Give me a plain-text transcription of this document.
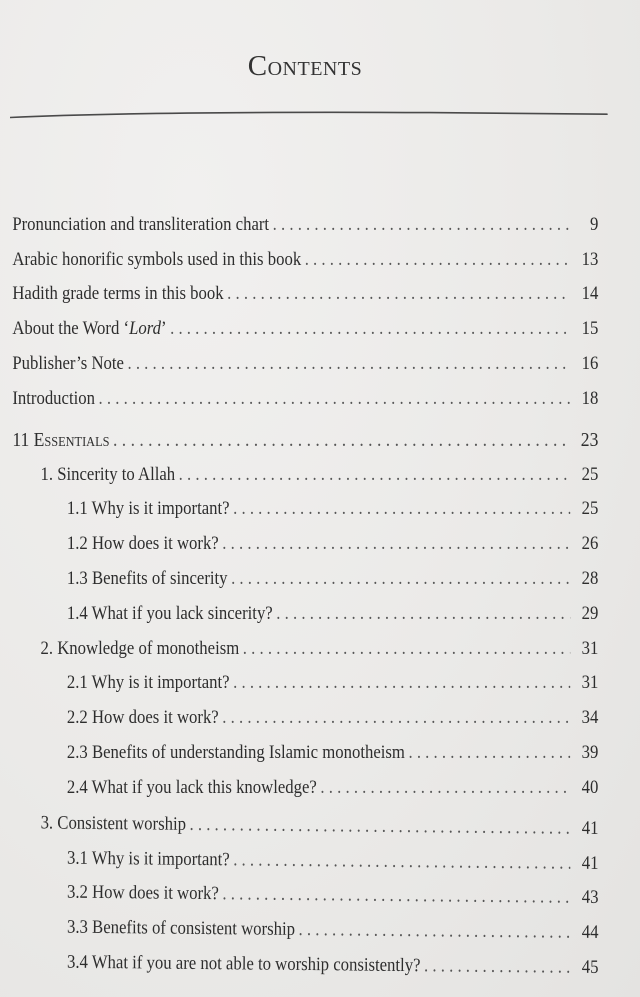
Contents
Pronunciation and transliteration chart . . .	9
Arabic honorific symbols used in this book . . .	13
Hadith grade terms in this book . . .	14
About the Word ‘Lord’ . . .	15
Publisher’s Note . . .	16
Introduction . . .	18
11 Essentials . . .	23
1. Sincerity to Allah . . .	25
1.1 Why is it important? . . .	25
1.2 How does it work? . . .	26
1.3 Benefits of sincerity . . .	28
1.4 What if you lack sincerity? . . .	29
2. Knowledge of monotheism . . .	31
2.1 Why is it important? . . .	31
2.2 How does it work? . . .	34
2.3 Benefits of understanding Islamic monotheism . . .	39
2.4 What if you lack this knowledge? . . .	40
3. Consistent worship . . .	41
3.1 Why is it important? . . .	41
3.2 How does it work? . . .	43
3.3 Benefits of consistent worship . . .	44
3.4 What if you are not able to worship consistently? . . .	45
